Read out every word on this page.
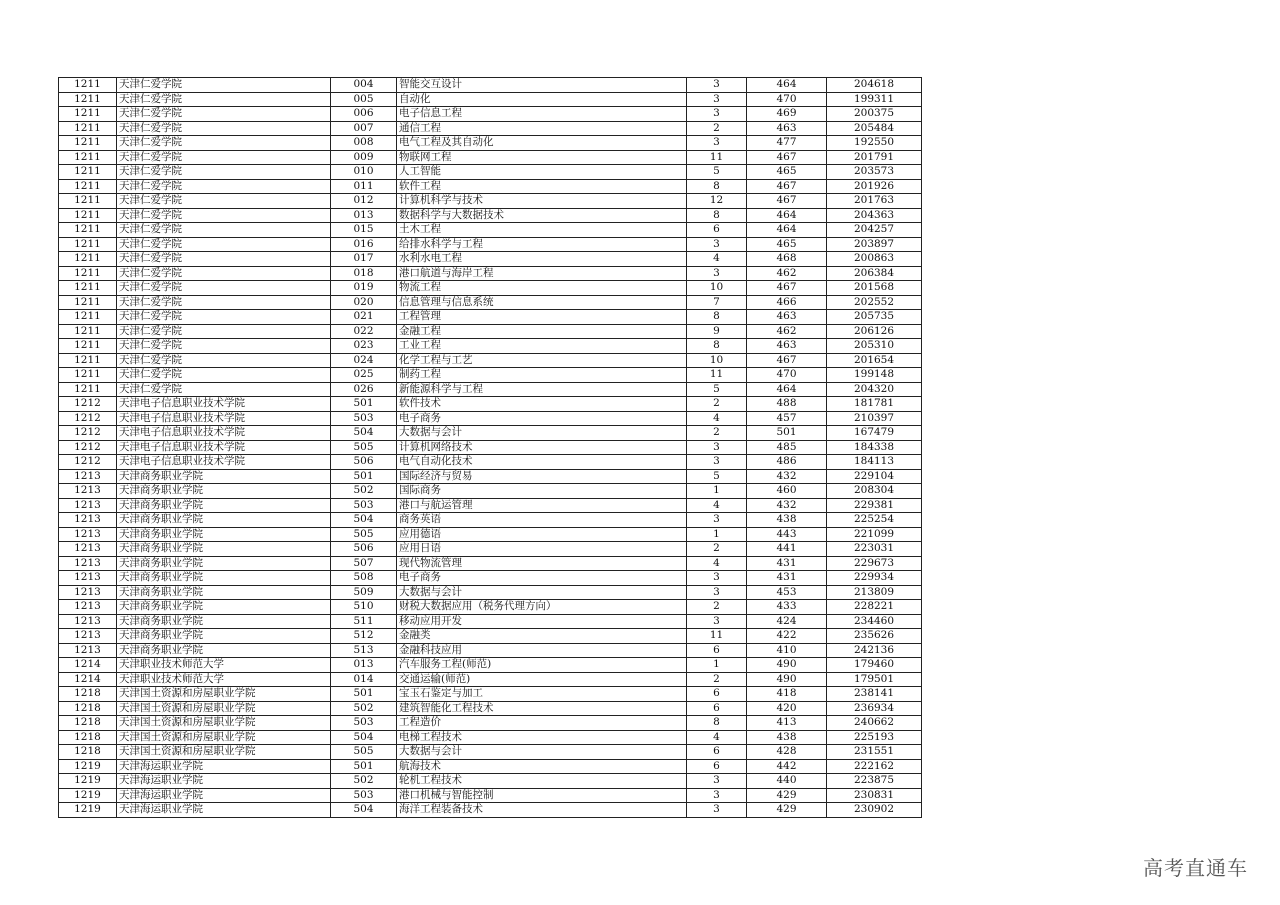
1211	天津仁爱学院	004	智能交互设计	3	464	204618
1211	天津仁爱学院	005	自动化	3	470	199311
1211	天津仁爱学院	006	电子信息工程	3	469	200375
1211	天津仁爱学院	007	通信工程	2	463	205484
1211	天津仁爱学院	008	电气工程及其自动化	3	477	192550
1211	天津仁爱学院	009	物联网工程	11	467	201791
1211	天津仁爱学院	010	人工智能	5	465	203573
1211	天津仁爱学院	011	软件工程	8	467	201926
1211	天津仁爱学院	012	计算机科学与技术	12	467	201763
1211	天津仁爱学院	013	数据科学与大数据技术	8	464	204363
1211	天津仁爱学院	015	土木工程	6	464	204257
1211	天津仁爱学院	016	给排水科学与工程	3	465	203897
1211	天津仁爱学院	017	水利水电工程	4	468	200863
1211	天津仁爱学院	018	港口航道与海岸工程	3	462	206384
1211	天津仁爱学院	019	物流工程	10	467	201568
1211	天津仁爱学院	020	信息管理与信息系统	7	466	202552
1211	天津仁爱学院	021	工程管理	8	463	205735
1211	天津仁爱学院	022	金融工程	9	462	206126
1211	天津仁爱学院	023	工业工程	8	463	205310
1211	天津仁爱学院	024	化学工程与工艺	10	467	201654
1211	天津仁爱学院	025	制药工程	11	470	199148
1211	天津仁爱学院	026	新能源科学与工程	5	464	204320
1212	天津电子信息职业技术学院	501	软件技术	2	488	181781
1212	天津电子信息职业技术学院	503	电子商务	4	457	210397
1212	天津电子信息职业技术学院	504	大数据与会计	2	501	167479
1212	天津电子信息职业技术学院	505	计算机网络技术	3	485	184338
1212	天津电子信息职业技术学院	506	电气自动化技术	3	486	184113
1213	天津商务职业学院	501	国际经济与贸易	5	432	229104
1213	天津商务职业学院	502	国际商务	1	460	208304
1213	天津商务职业学院	503	港口与航运管理	4	432	229381
1213	天津商务职业学院	504	商务英语	3	438	225254
1213	天津商务职业学院	505	应用德语	1	443	221099
1213	天津商务职业学院	506	应用日语	2	441	223031
1213	天津商务职业学院	507	现代物流管理	4	431	229673
1213	天津商务职业学院	508	电子商务	3	431	229934
1213	天津商务职业学院	509	大数据与会计	3	453	213809
1213	天津商务职业学院	510	财税大数据应用（税务代理方向）	2	433	228221
1213	天津商务职业学院	511	移动应用开发	3	424	234460
1213	天津商务职业学院	512	金融类	11	422	235626
1213	天津商务职业学院	513	金融科技应用	6	410	242136
1214	天津职业技术师范大学	013	汽车服务工程(师范)	1	490	179460
1214	天津职业技术师范大学	014	交通运输(师范)	2	490	179501
1218	天津国土资源和房屋职业学院	501	宝玉石鉴定与加工	6	418	238141
1218	天津国土资源和房屋职业学院	502	建筑智能化工程技术	6	420	236934
1218	天津国土资源和房屋职业学院	503	工程造价	8	413	240662
1218	天津国土资源和房屋职业学院	504	电梯工程技术	4	438	225193
1218	天津国土资源和房屋职业学院	505	大数据与会计	6	428	231551
1219	天津海运职业学院	501	航海技术	6	442	222162
1219	天津海运职业学院	502	轮机工程技术	3	440	223875
1219	天津海运职业学院	503	港口机械与智能控制	3	429	230831
1219	天津海运职业学院	504	海洋工程装备技术	3	429	230902
高考直通车
